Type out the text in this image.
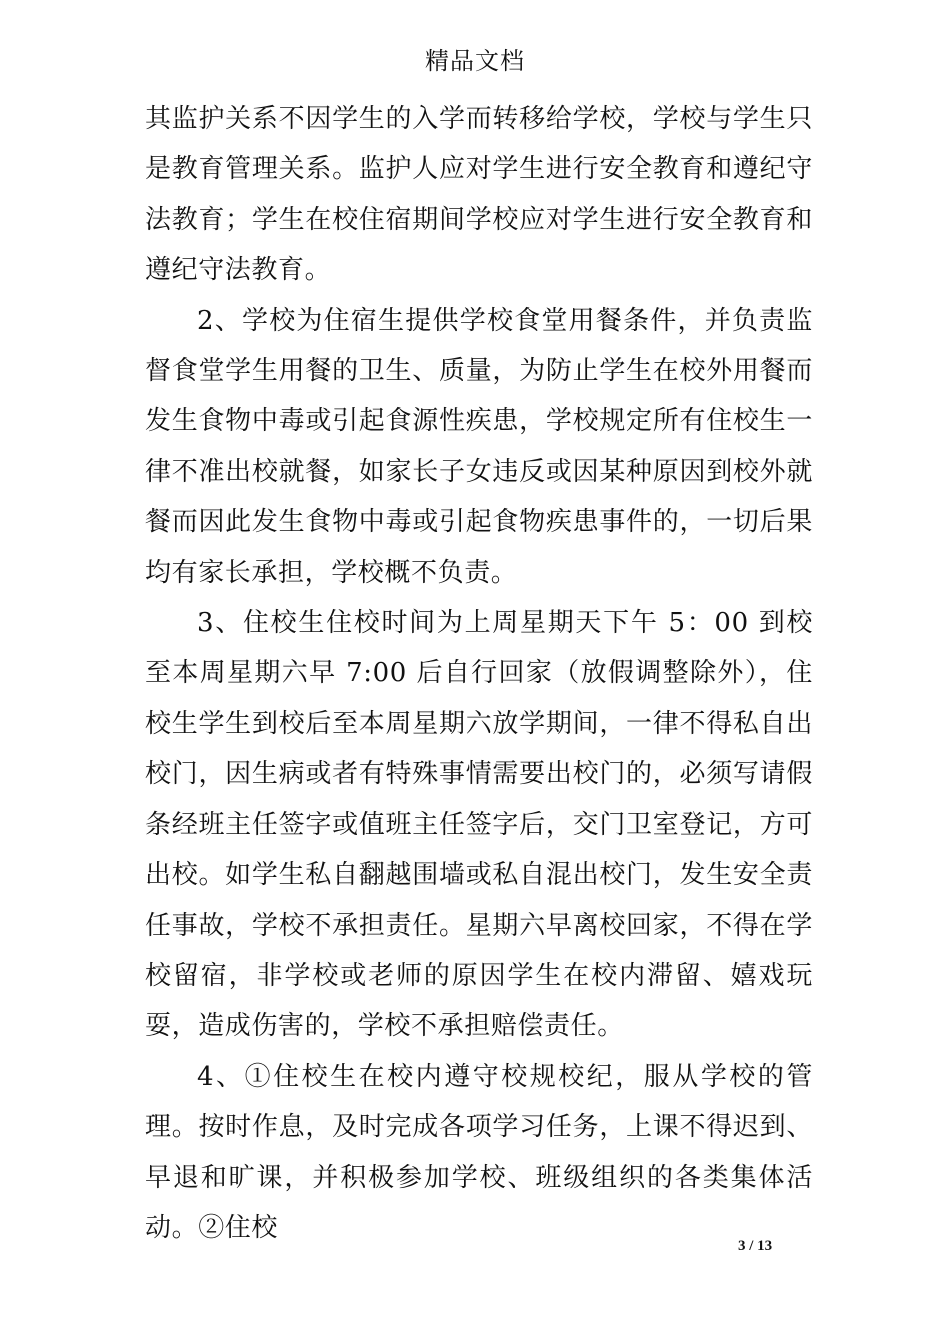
精品文档

其监护关系不因学生的入学而转移给学校，学校与学生只是教育管理关系。监护人应对学生进行安全教育和遵纪守法教育；学生在校住宿期间学校应对学生进行安全教育和遵纪守法教育。

2、学校为住宿生提供学校食堂用餐条件，并负责监督食堂学生用餐的卫生、质量，为防止学生在校外用餐而发生食物中毒或引起食源性疾患，学校规定所有住校生一律不准出校就餐，如家长子女违反或因某种原因到校外就餐而因此发生食物中毒或引起食物疾患事件的，一切后果均有家长承担，学校概不负责。

3、住校生住校时间为上周星期天下午 5：00 到校至本周星期六早 7:00 后自行回家（放假调整除外），住校生学生到校后至本周星期六放学期间，一律不得私自出校门，因生病或者有特殊事情需要出校门的，必须写请假条经班主任签字或值班主任签字后，交门卫室登记，方可出校。如学生私自翻越围墙或私自混出校门，发生安全责任事故，学校不承担责任。星期六早离校回家，不得在学校留宿，非学校或老师的原因学生在校内滞留、嬉戏玩耍，造成伤害的，学校不承担赔偿责任。

4、①住校生在校内遵守校规校纪，服从学校的管理。按时作息，及时完成各项学习任务，上课不得迟到、早退和旷课，并积极参加学校、班级组织的各类集体活动。②住校

3 / 13
